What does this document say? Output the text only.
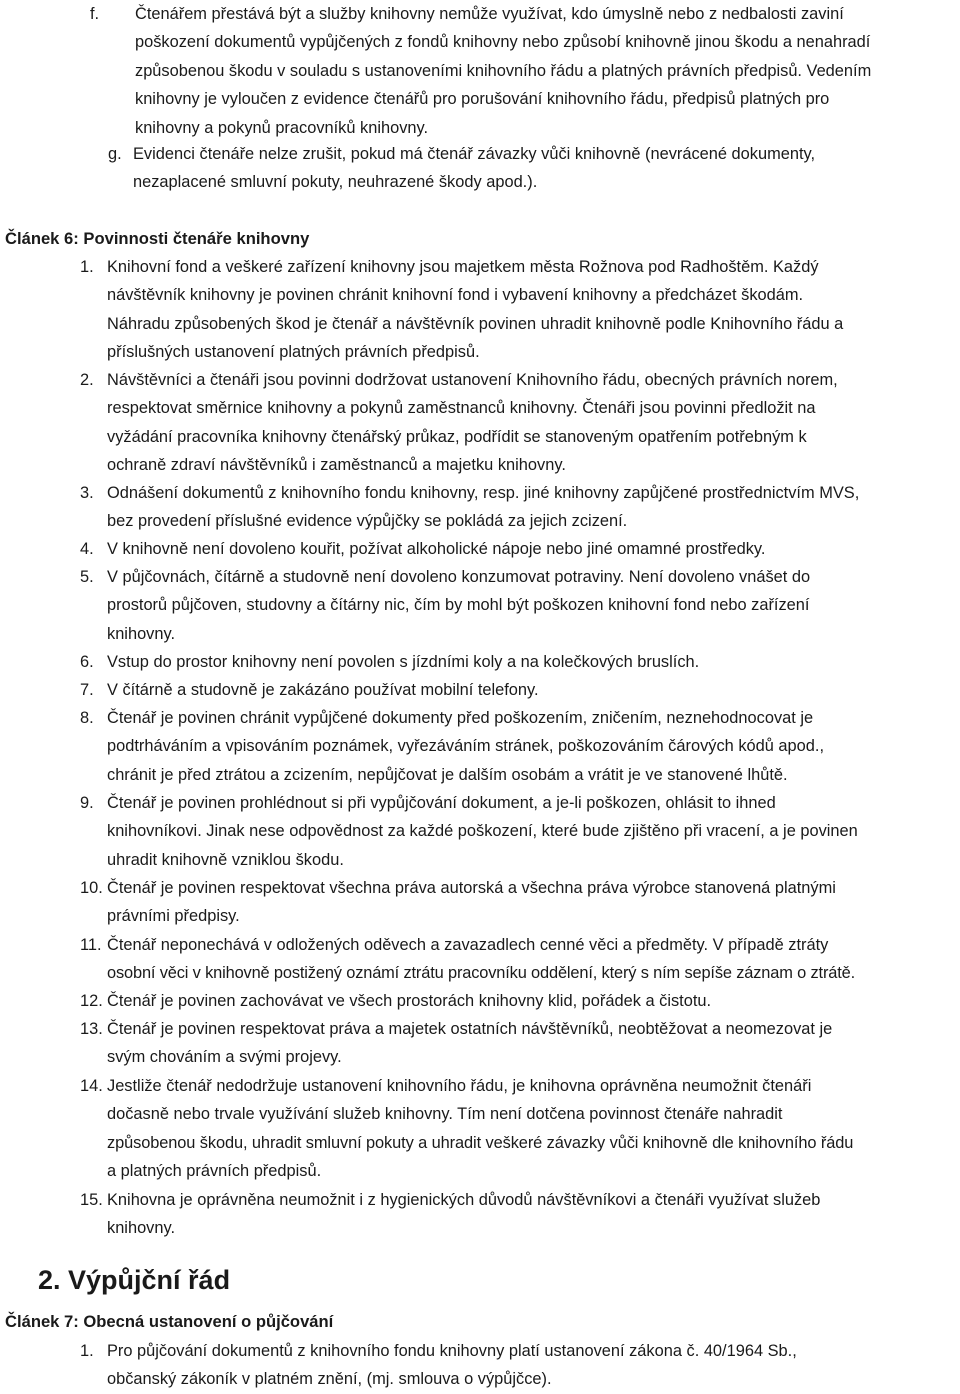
f. Čtenářem přestává být a služby knihovny nemůže využívat, kdo úmyslně nebo z nedbalosti zaviní
poškození dokumentů vypůjčených z fondů knihovny nebo způsobí knihovně jinou škodu a nenahradí
způsobenou škodu v souladu s ustanoveními knihovního řádu a platných právních předpisů. Vedením
knihovny je vyloučen z evidence čtenářů pro porušování knihovního řádu, předpisů platných pro
knihovny a pokynů pracovníků knihovny.
g. Evidenci čtenáře nelze zrušit, pokud má čtenář závazky vůči knihovně (nevrácené dokumenty,
nezaplacené smluvní pokuty, neuhrazené škody apod.).
Článek 6: Povinnosti čtenáře knihovny
1. Knihovní fond a veškeré zařízení knihovny jsou majetkem města Rožnova pod Radhoštěm. Každý
návštěvník knihovny je povinen chránit knihovní fond i vybavení knihovny a předcházet škodám.
Náhradu způsobených škod je čtenář a návštěvník povinen uhradit knihovně podle Knihovního řádu a
příslušných ustanovení platných právních předpisů.
2. Návštěvníci a čtenáři jsou povinni dodržovat ustanovení Knihovního řádu, obecných právních norem,
respektovat směrnice knihovny a pokynů zaměstnanců knihovny. Čtenáři jsou povinni předložit na
vyžádání pracovníka knihovny čtenářský průkaz, podřídit se stanoveným opatřením potřebným k
ochraně zdraví návštěvníků i zaměstnanců a majetku knihovny.
3. Odnášení dokumentů z knihovního fondu knihovny, resp. jiné knihovny zapůjčené prostřednictvím MVS,
bez provedení příslušné evidence výpůjčky se pokládá za jejich zcizení.
4. V knihovně není dovoleno kouřit, požívat alkoholické nápoje nebo jiné omamné prostředky.
5. V půjčovnách, čítárně a studovně není dovoleno konzumovat potraviny. Není dovoleno vnášet do
prostorů půjčoven, studovny a čítárny nic, čím by mohl být poškozen knihovní fond nebo zařízení
knihovny.
6. Vstup do prostor knihovny není povolen s jízdními koly a na kolečkových bruslích.
7. V čítárně a studovně je zakázáno používat mobilní telefony.
8. Čtenář je povinen chránit vypůjčené dokumenty před poškozením, zničením, neznehodnocovat je
podtrháváním a vpisováním poznámek, vyřezáváním stránek, poškozováním čárových kódů apod.,
chránit je před ztrátou a zcizením, nepůjčovat je dalším osobám a vrátit je ve stanovené lhůtě.
9. Čtenář je povinen prohlédnout si při vypůjčování dokument, a je-li poškozen, ohlásit to ihned
knihovníkovi. Jinak nese odpovědnost za každé poškození, které bude zjištěno při vracení, a je povinen
uhradit knihovně vzniklou škodu.
10. Čtenář je povinen respektovat všechna práva autorská a všechna práva výrobce stanovená platnými
právními předpisy.
11. Čtenář neponechává v odložených oděvech a zavazadlech cenné věci a předměty. V případě ztráty
osobní věci v knihovně postižený oznámí ztrátu pracovníku oddělení, který s ním sepíše záznam o ztrátě.
12. Čtenář je povinen zachovávat ve všech prostorách knihovny klid, pořádek a čistotu.
13. Čtenář je povinen respektovat práva a majetek ostatních návštěvníků, neobtěžovat a neomezovat je
svým chováním a svými projevy.
14. Jestliže čtenář nedodržuje ustanovení knihovního řádu, je knihovna oprávněna neumožnit čtenáři
dočasně nebo trvale využívání služeb knihovny. Tím není dotčena povinnost čtenáře nahradit
způsobenou škodu, uhradit smluvní pokuty a uhradit veškeré závazky vůči knihovně dle knihovního řádu
a platných právních předpisů.
15. Knihovna je oprávněna neumožnit i z hygienických důvodů návštěvníkovi a čtenáři využívat služeb
knihovny.
2. Výpůjční řád
Článek 7: Obecná ustanovení o půjčování
1. Pro půjčování dokumentů z knihovního fondu knihovny platí ustanovení zákona č. 40/1964 Sb.,
občanský zákoník v platném znění, (mj. smlouva o výpůjčce).
